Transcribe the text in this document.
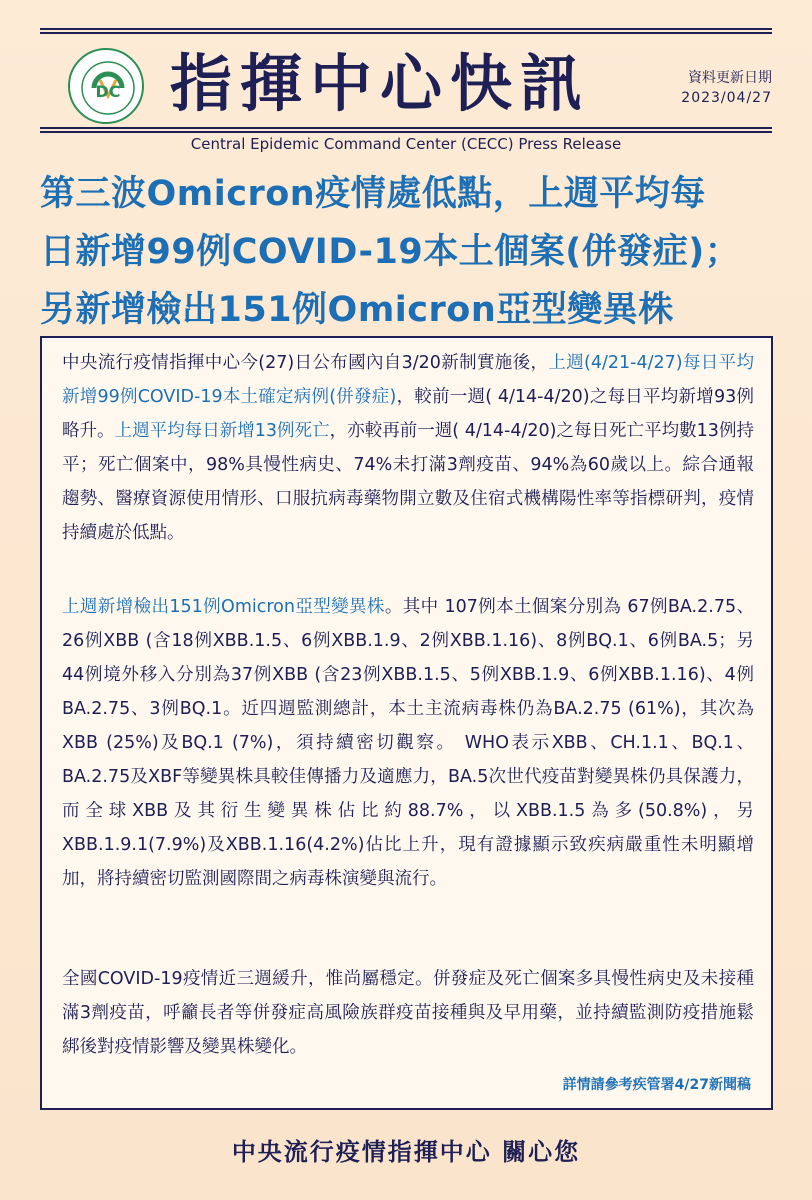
DC 指揮中心快訊	資料更新日期
2023/04/27
Central Epidemic Command Center (CECC) Press Release
第三波Omicron疫情處低點，上週平均每
日新增99例COVID-19本土個案(併發症)；
另新增檢出151例Omicron亞型變異株
中央流行疫情指揮中心今(27)日公布國內自3/20新制實施後，上週(4/21-4/27)每日平均新增99例COVID-19本土確定病例(併發症)，較前一週( 4/14-4/20)之每日平均新增93例略升。上週平均每日新增13例死亡，亦較再前一週( 4/14-4/20)之每日死亡平均數13例持平；死亡個案中，98%具慢性病史、74%未打滿3劑疫苗、94%為60歲以上。綜合通報趨勢、醫療資源使用情形、口服抗病毒藥物開立數及住宿式機構陽性率等指標研判，疫情持續處於低點。
上週新增檢出151例Omicron亞型變異株。其中 107例本土個案分別為 67例BA.2.75、26例XBB (含18例XBB.1.5、6例XBB.1.9、2例XBB.1.16)、8例BQ.1、6例BA.5；另44例境外移入分別為37例XBB (含23例XBB.1.5、5例XBB.1.9、6例XBB.1.16)、4例BA.2.75、3例BQ.1。近四週監測總計，本土主流病毒株仍為BA.2.75 (61%)，其次為XBB (25%)及BQ.1 (7%)，須持續密切觀察。 WHO表示XBB、CH.1.1、BQ.1、BA.2.75及XBF等變異株具較佳傳播力及適應力，BA.5次世代疫苗對變異株仍具保護力，而全球XBB及其衍生變異株佔比約88.7%，以XBB.1.5為多(50.8%)，另XBB.1.9.1(7.9%)及XBB.1.16(4.2%)佔比上升，現有證據顯示致疾病嚴重性未明顯增加，將持續密切監測國際間之病毒株演變與流行。
全國COVID-19疫情近三週緩升，惟尚屬穩定。併發症及死亡個案多具慢性病史及未接種滿3劑疫苗，呼籲長者等併發症高風險族群疫苗接種與及早用藥，並持續監測防疫措施鬆綁後對疫情影響及變異株變化。
詳情請參考疾管署4/27新聞稿
中央流行疫情指揮中心 關心您
